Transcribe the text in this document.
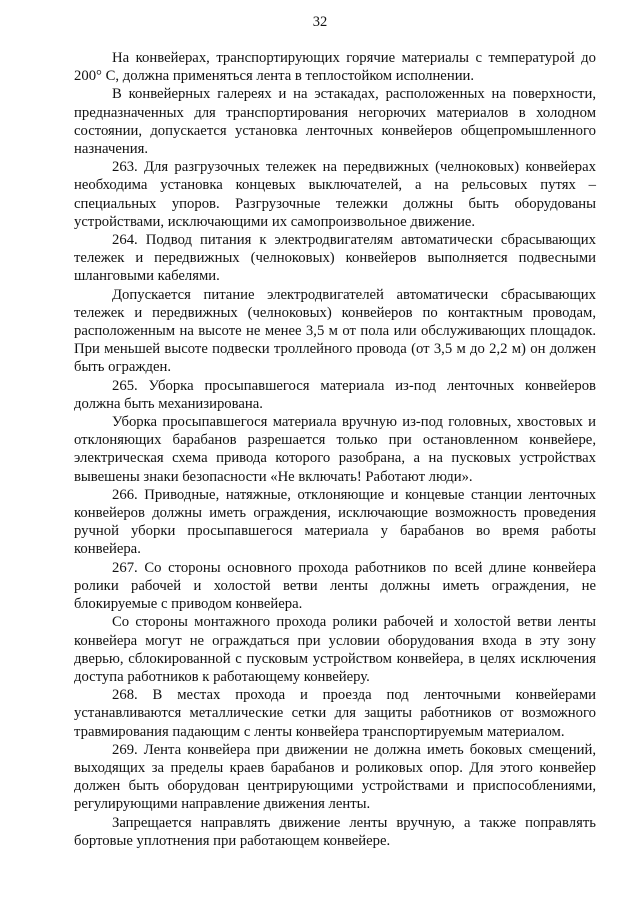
32

На конвейерах, транспортирующих горячие материалы с температурой до 200° С, должна применяться лента в теплостойком исполнении.

В конвейерных галереях и на эстакадах, расположенных на поверхности, предназначенных для транспортирования негорючих материалов в холодном состоянии, допускается установка ленточных конвейеров общепромышленного назначения.

263. Для разгрузочных тележек на передвижных (челноковых) конвейерах необходима установка концевых выключателей, а на рельсовых путях – специальных упоров. Разгрузочные тележки должны быть оборудованы устройствами, исключающими их самопроизвольное движение.

264. Подвод питания к электродвигателям автоматически сбрасывающих тележек и передвижных (челноковых) конвейеров выполняется подвесными шланговыми кабелями.

Допускается питание электродвигателей автоматически сбрасывающих тележек и передвижных (челноковых) конвейеров по контактным проводам, расположенным на высоте не менее 3,5 м от пола или обслуживающих площадок. При меньшей высоте подвески троллейного провода (от 3,5 м до 2,2 м) он должен быть огражден.

265. Уборка просыпавшегося материала из-под ленточных конвейеров должна быть механизирована.

Уборка просыпавшегося материала вручную из-под головных, хвостовых и отклоняющих барабанов разрешается только при остановленном конвейере, электрическая схема привода которого разобрана, а на пусковых устройствах вывешены знаки безопасности «Не включать! Работают люди».

266. Приводные, натяжные, отклоняющие и концевые станции ленточных конвейеров должны иметь ограждения, исключающие возможность проведения ручной уборки просыпавшегося материала у барабанов во время работы конвейера.

267. Со стороны основного прохода работников по всей длине конвейера ролики рабочей и холостой ветви ленты должны иметь ограждения, не блокируемые с приводом конвейера.

Со стороны монтажного прохода ролики рабочей и холостой ветви ленты конвейера могут не ограждаться при условии оборудования входа в эту зону дверью, сблокированной с пусковым устройством конвейера, в целях исключения доступа работников к работающему конвейеру.

268. В местах прохода и проезда под ленточными конвейерами устанавливаются металлические сетки для защиты работников от возможного травмирования падающим с ленты конвейера транспортируемым материалом.

269. Лента конвейера при движении не должна иметь боковых смещений, выходящих за пределы краев барабанов и роликовых опор. Для этого конвейер должен быть оборудован центрирующими устройствами и приспособлениями, регулирующими направление движения ленты.

Запрещается направлять движение ленты вручную, а также поправлять бортовые уплотнения при работающем конвейере.
